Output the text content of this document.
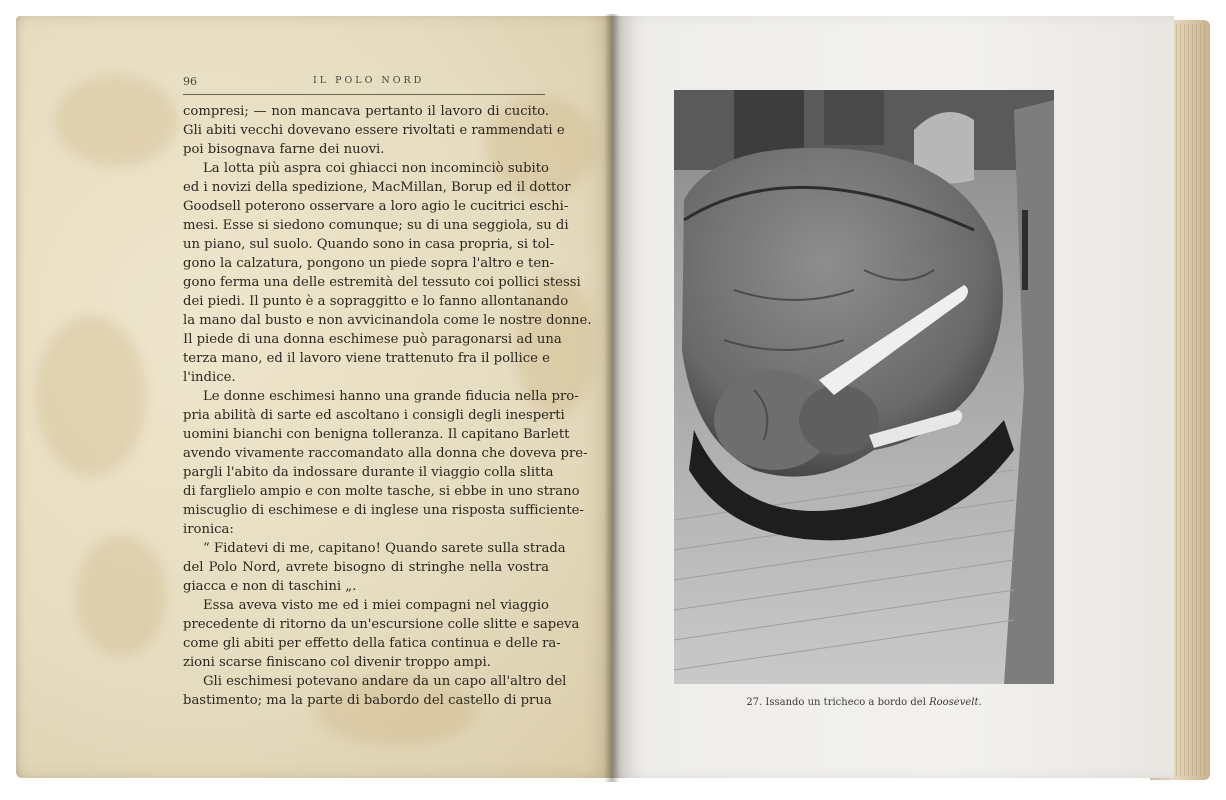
96	IL POLO NORD
compresi; — non mancava pertanto il lavoro di cucito.
Gli abiti vecchi dovevano essere rivoltati e rammendati e
poi bisognava farne dei nuovi.
La lotta più aspra coi ghiacci non incominciò subito
ed i novizi della spedizione, MacMillan, Borup ed il dottor
Goodsell poterono osservare a loro agio le cucitrici eschi-
mesi. Esse si siedono comunque; su di una seggiola, su di
un piano, sul suolo. Quando sono in casa propria, si tol-
gono la calzatura, pongono un piede sopra l'altro e ten-
gono ferma una delle estremità del tessuto coi pollici stessi
dei piedi. Il punto è a sopraggitto e lo fanno allontanando
la mano dal busto e non avvicinandola come le nostre donne.
Il piede di una donna eschimese può paragonarsi ad una
terza mano, ed il lavoro viene trattenuto fra il pollice e
l'indice.
Le donne eschimesi hanno una grande fiducia nella pro-
pria abilità di sarte ed ascoltano i consigli degli inesperti
uomini bianchi con benigna tolleranza. Il capitano Barlett
avendo vivamente raccomandato alla donna che doveva pre-
pargli l'abito da indossare durante il viaggio colla slitta
di farglielo ampio e con molte tasche, si ebbe in uno strano
miscuglio di eschimese e di inglese una risposta sufficiente-
ironica:
“ Fidatevi di me, capitano! Quando sarete sulla strada
del Polo Nord, avrete bisogno di stringhe nella vostra
giacca e non di taschini „.
Essa aveva visto me ed i miei compagni nel viaggio
precedente di ritorno da un'escursione colle slitte e sapeva
come gli abiti per effetto della fatica continua e delle ra-
zioni scarse finiscano col divenir troppo ampi.
Gli eschimesi potevano andare da un capo all'altro del
bastimento; ma la parte di babordo del castello di prua	27. Issando un tricheco a bordo del Roosevelt.
